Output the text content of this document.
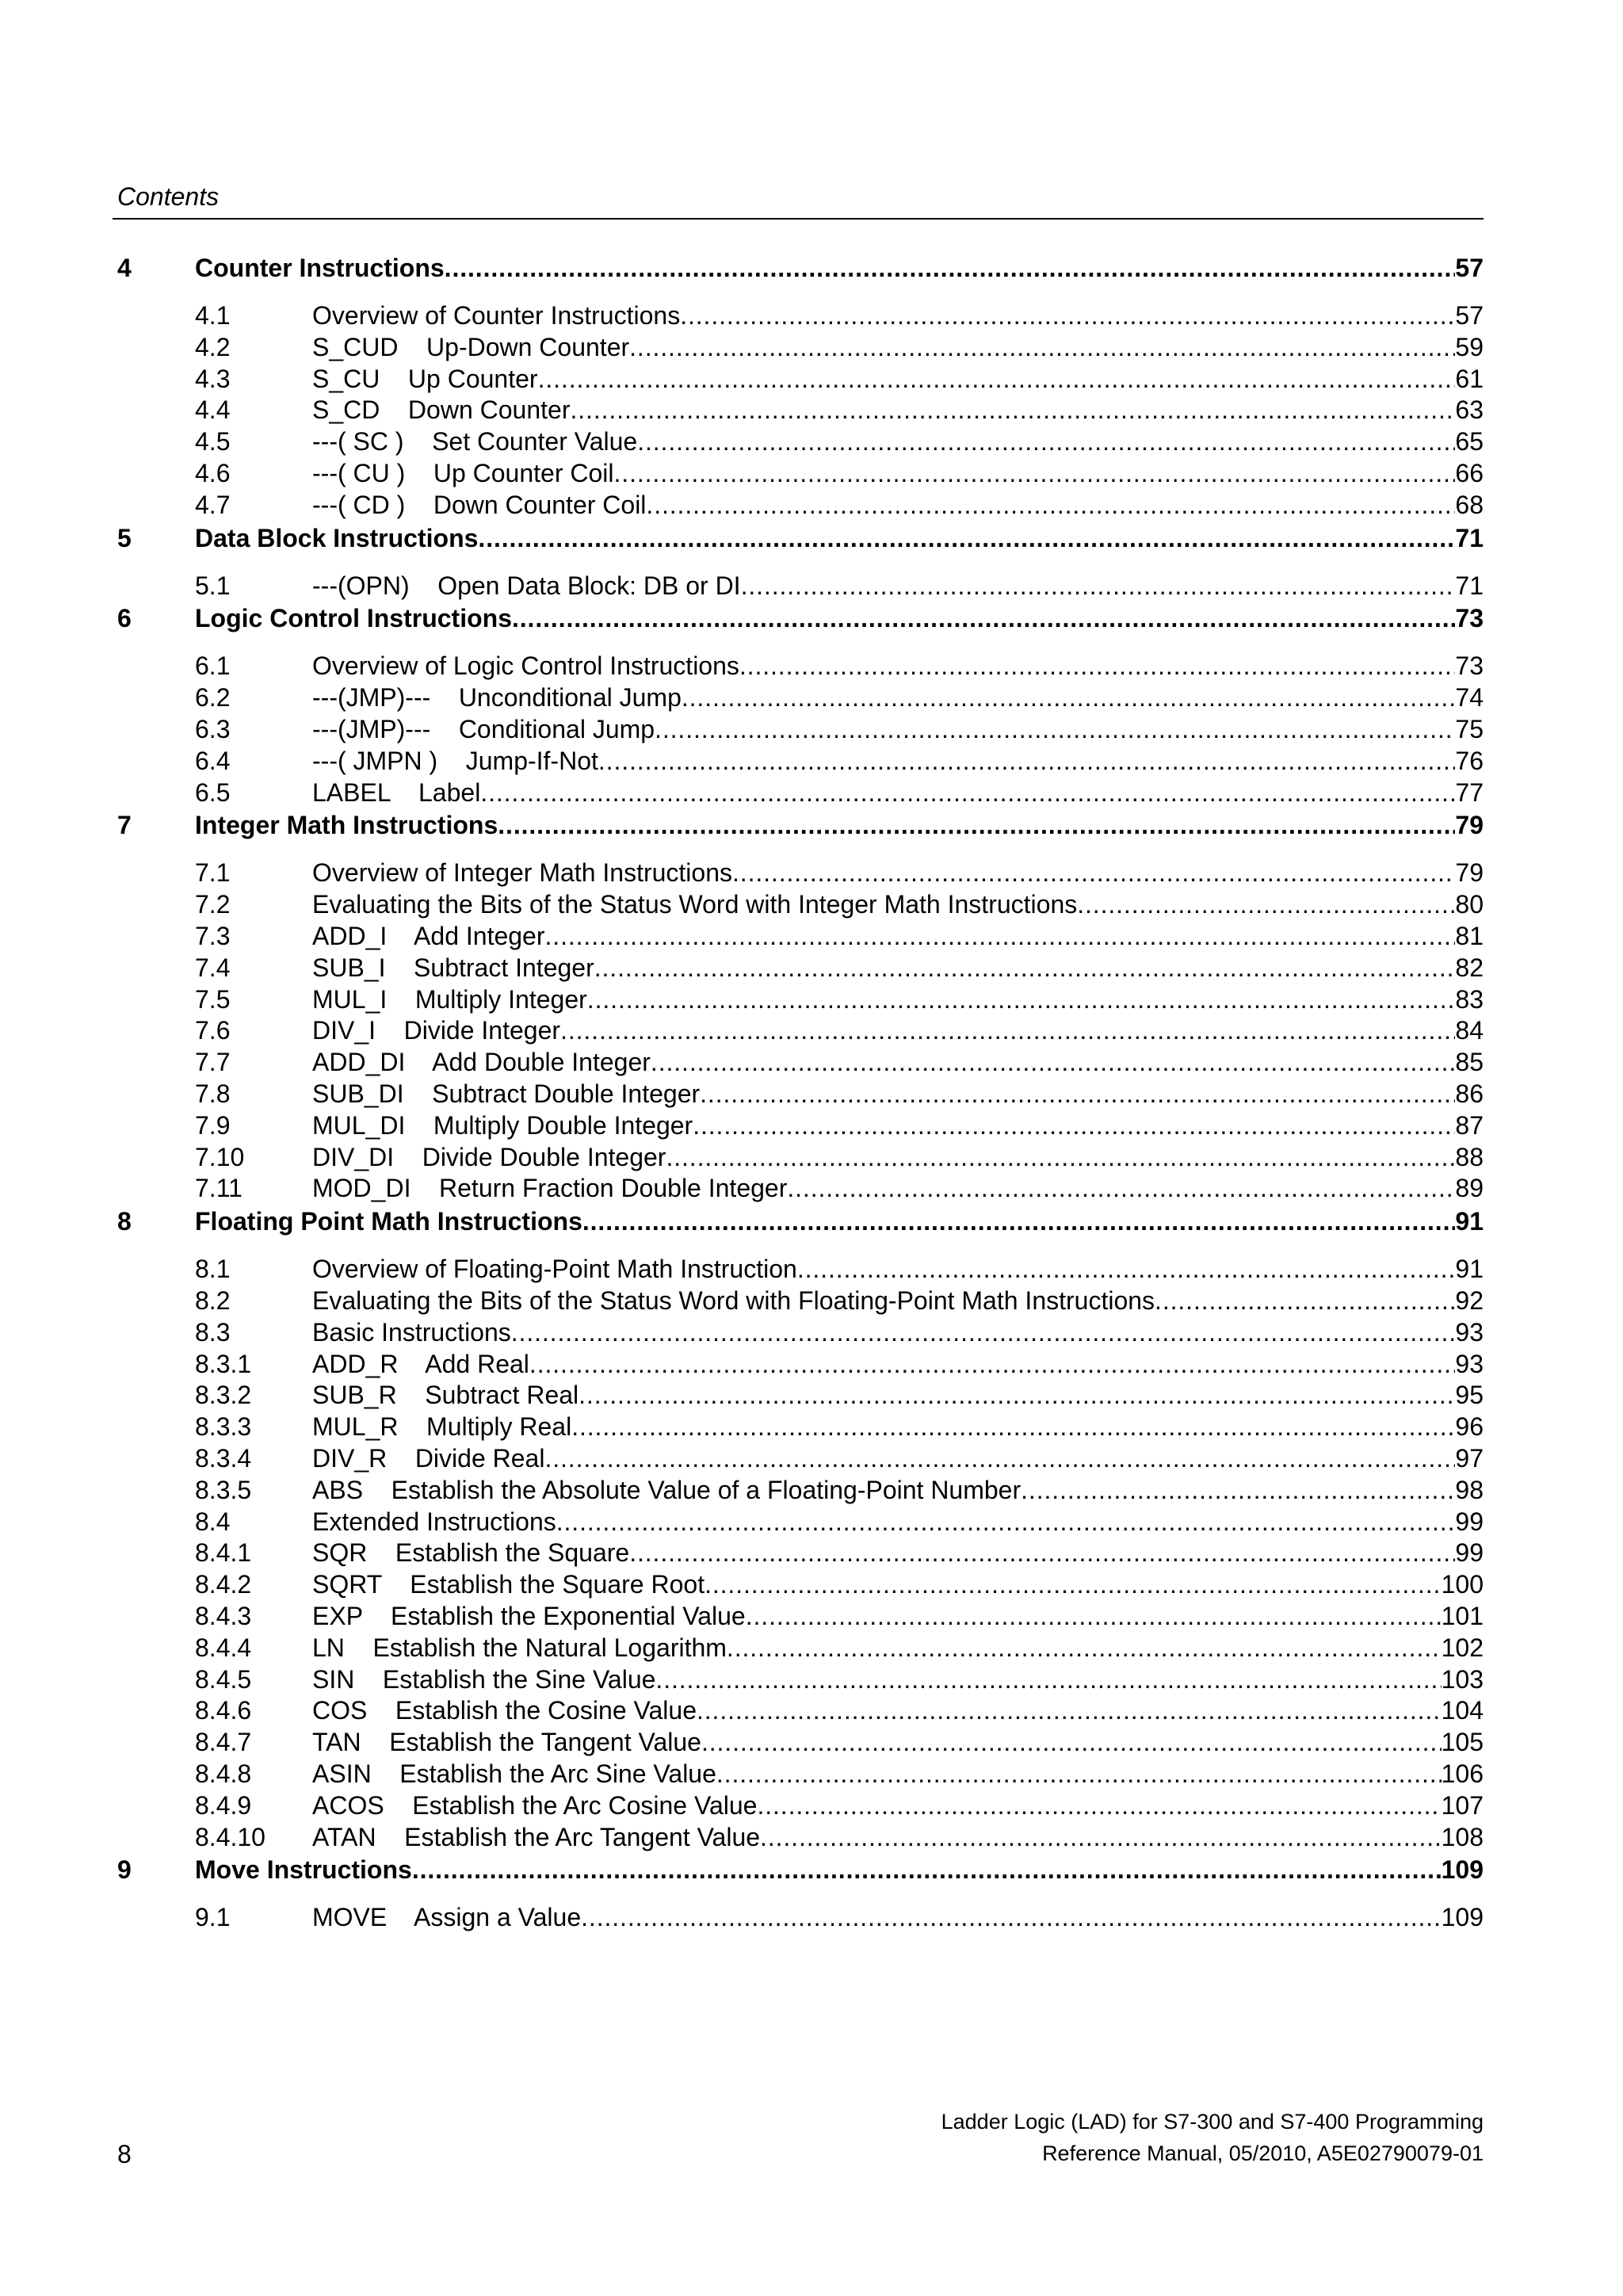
Contents
4	Counter Instructions . . .	57
4.1	Overview of Counter Instructions . . .	57
4.2	S_CUD    Up-Down Counter . . .	59
4.3	S_CU    Up Counter . . .	61
4.4	S_CD    Down Counter . . .	63
4.5	---( SC )    Set Counter Value . . .	65
4.6	---( CU )    Up Counter Coil . . .	66
4.7	---( CD )    Down Counter Coil . . .	68
5	Data Block Instructions . . .	71
5.1	---(OPN)    Open Data Block: DB or DI . . .	71
6	Logic Control Instructions . . .	73
6.1	Overview of Logic Control Instructions . . .	73
6.2	---(JMP)---    Unconditional Jump . . .	74
6.3	---(JMP)---    Conditional Jump . . .	75
6.4	---( JMPN )    Jump-If-Not . . .	76
6.5	LABEL    Label . . .	77
7	Integer Math Instructions . . .	79
7.1	Overview of Integer Math Instructions . . .	79
7.2	Evaluating the Bits of the Status Word with Integer Math Instructions . . .	80
7.3	ADD_I    Add Integer . . .	81
7.4	SUB_I    Subtract Integer . . .	82
7.5	MUL_I    Multiply Integer . . .	83
7.6	DIV_I    Divide Integer . . .	84
7.7	ADD_DI    Add Double Integer . . .	85
7.8	SUB_DI    Subtract Double Integer . . .	86
7.9	MUL_DI    Multiply Double Integer . . .	87
7.10	DIV_DI    Divide Double Integer . . .	88
7.11	MOD_DI    Return Fraction Double Integer . . .	89
8	Floating Point Math Instructions . . .	91
8.1	Overview of Floating-Point Math Instruction . . .	91
8.2	Evaluating the Bits of the Status Word with Floating-Point Math Instructions . . .	92
8.3	Basic Instructions . . .	93
8.3.1	ADD_R    Add Real . . .	93
8.3.2	SUB_R    Subtract Real . . .	95
8.3.3	MUL_R    Multiply Real . . .	96
8.3.4	DIV_R    Divide Real . . .	97
8.3.5	ABS    Establish the Absolute Value of a Floating-Point Number . . .	98
8.4	Extended Instructions . . .	99
8.4.1	SQR    Establish the Square . . .	99
8.4.2	SQRT    Establish the Square Root . . .	100
8.4.3	EXP    Establish the Exponential Value . . .	101
8.4.4	LN    Establish the Natural Logarithm . . .	102
8.4.5	SIN    Establish the Sine Value . . .	103
8.4.6	COS    Establish the Cosine Value . . .	104
8.4.7	TAN    Establish the Tangent Value . . .	105
8.4.8	ASIN    Establish the Arc Sine Value . . .	106
8.4.9	ACOS    Establish the Arc Cosine Value . . .	107
8.4.10	ATAN    Establish the Arc Tangent Value . . .	108
9	Move Instructions . . .	109
9.1	MOVE    Assign a Value . . .	109
8
Ladder Logic (LAD) for S7-300 and S7-400 Programming
Reference Manual, 05/2010, A5E02790079-01
